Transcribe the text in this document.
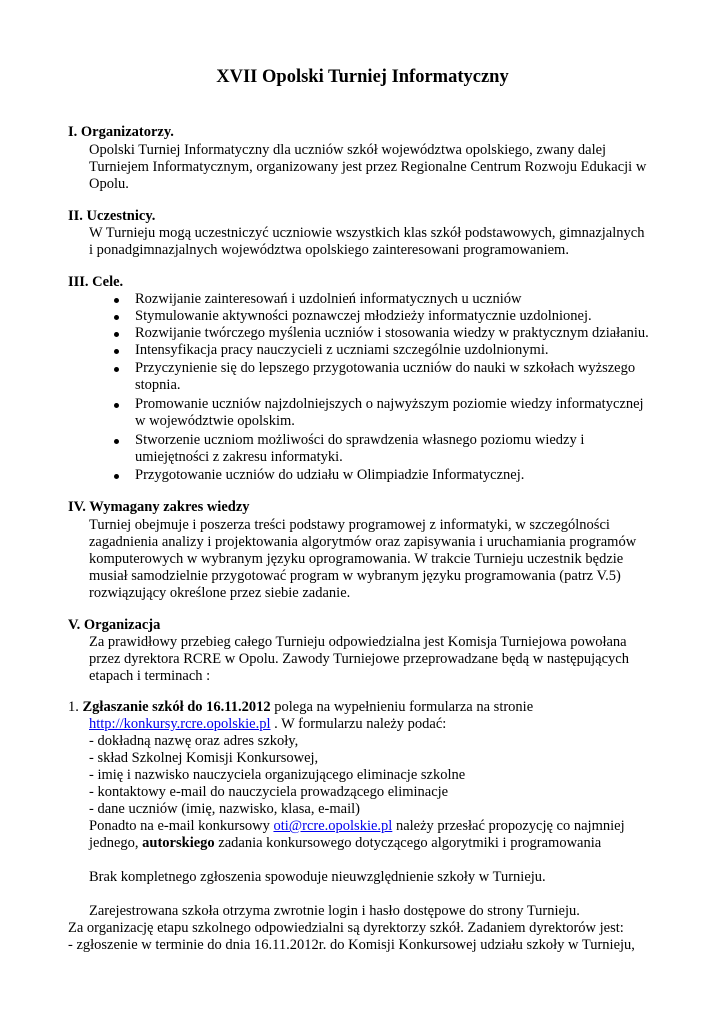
XVII Opolski Turniej Informatyczny
I. Organizatorzy.
Opolski Turniej Informatyczny dla uczniów szkół województwa opolskiego, zwany dalej
Turniejem Informatycznym, organizowany jest przez Regionalne Centrum Rozwoju Edukacji w
Opolu.
II. Uczestnicy.
W Turnieju mogą uczestniczyć uczniowie wszystkich klas szkół podstawowych, gimnazjalnych
i ponadgimnazjalnych województwa opolskiego zainteresowani programowaniem.
III. Cele.
Rozwijanie zainteresowań i uzdolnień informatycznych u uczniów
Stymulowanie aktywności poznawczej młodzieży informatycznie uzdolnionej.
Rozwijanie twórczego myślenia uczniów i stosowania wiedzy w praktycznym działaniu.
Intensyfikacja pracy nauczycieli z uczniami szczególnie uzdolnionymi.
Przyczynienie się do lepszego przygotowania uczniów do nauki w szkołach wyższego
stopnia.
Promowanie uczniów najzdolniejszych o najwyższym poziomie wiedzy informatycznej
w województwie opolskim.
Stworzenie uczniom możliwości do sprawdzenia własnego poziomu wiedzy i
umiejętności z zakresu informatyki.
Przygotowanie uczniów do udziału w Olimpiadzie Informatycznej.
IV. Wymagany zakres wiedzy
Turniej obejmuje i poszerza treści podstawy programowej z informatyki, w szczególności
zagadnienia analizy i projektowania algorytmów oraz zapisywania i uruchamiania programów
komputerowych w wybranym języku oprogramowania. W trakcie Turnieju uczestnik będzie
musiał samodzielnie przygotować program w wybranym języku programowania (patrz V.5)
rozwiązujący określone przez siebie zadanie.
V. Organizacja
Za prawidłowy przebieg całego Turnieju odpowiedzialna jest Komisja Turniejowa powołana
przez dyrektora RCRE w Opolu. Zawody Turniejowe przeprowadzane będą w następujących
etapach i terminach :
1. Zgłaszanie szkół do 16.11.2012 polega na wypełnieniu formularza na stronie
http://konkursy.rcre.opolskie.pl . W formularzu należy podać:
- dokładną nazwę oraz adres szkoły,
- skład Szkolnej Komisji Konkursowej,
- imię i nazwisko nauczyciela organizującego eliminacje szkolne
- kontaktowy e-mail do nauczyciela prowadzącego eliminacje
- dane uczniów (imię, nazwisko, klasa, e-mail)
Ponadto na e-mail konkursowy oti@rcre.opolskie.pl należy przesłać propozycję co najmniej
jednego, autorskiego zadania konkursowego dotyczącego algorytmiki i programowania
Brak kompletnego zgłoszenia spowoduje nieuwzględnienie szkoły w Turnieju.
Zarejestrowana szkoła otrzyma zwrotnie login i hasło dostępowe do strony Turnieju.
Za organizację etapu szkolnego odpowiedzialni są dyrektorzy szkół. Zadaniem dyrektorów jest:
- zgłoszenie w terminie do dnia 16.11.2012r. do Komisji Konkursowej udziału szkoły w Turnieju,
